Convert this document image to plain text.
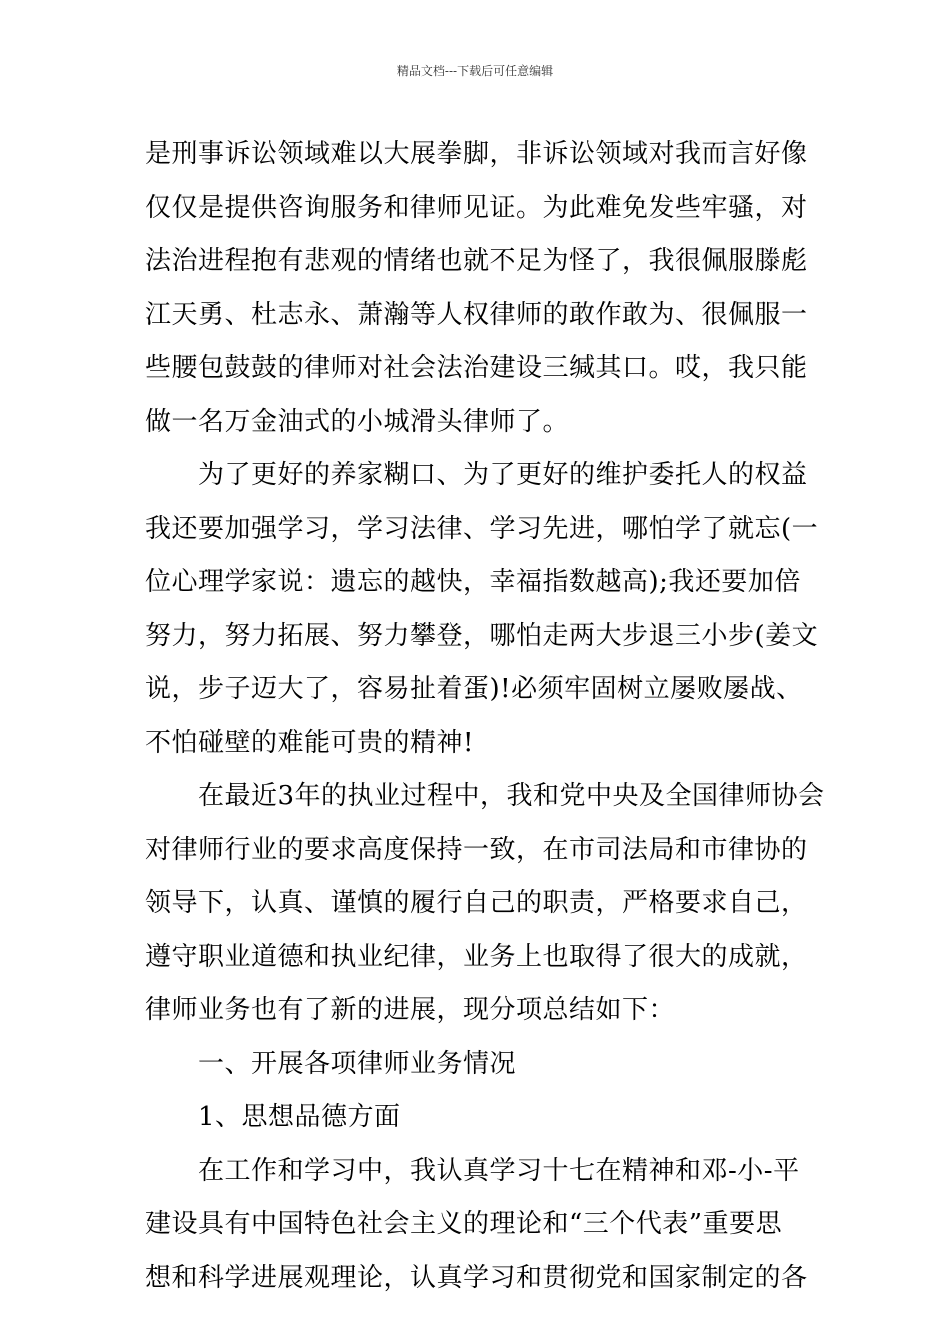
精品文档---下载后可任意编辑
是刑事诉讼领域难以大展拳脚，非诉讼领域对我而言好像
仅仅是提供咨询服务和律师见证。为此难免发些牢骚，对
法治进程抱有悲观的情绪也就不足为怪了，我很佩服滕彪
江天勇、杜志永、萧瀚等人权律师的敢作敢为、很佩服一
些腰包鼓鼓的律师对社会法治建设三缄其口。哎，我只能
做一名万金油式的小城滑头律师了。
为了更好的养家糊口、为了更好的维护委托人的权益
我还要加强学习，学习法律、学习先进，哪怕学了就忘(一
位心理学家说：遗忘的越快，幸福指数越高);我还要加倍
努力，努力拓展、努力攀登，哪怕走两大步退三小步(姜文
说，步子迈大了，容易扯着蛋)!必须牢固树立屡败屡战、
不怕碰壁的难能可贵的精神!
在最近3年的执业过程中，我和党中央及全国律师协会
对律师行业的要求高度保持一致，在市司法局和市律协的
领导下，认真、谨慎的履行自己的职责，严格要求自己，
遵守职业道德和执业纪律，业务上也取得了很大的成就，
律师业务也有了新的进展，现分项总结如下：
一、开展各项律师业务情况
1、思想品德方面
在工作和学习中，我认真学习十七在精神和邓-小-平
建设具有中国特色社会主义的理论和“三个代表”重要思
想和科学进展观理论，认真学习和贯彻党和国家制定的各
